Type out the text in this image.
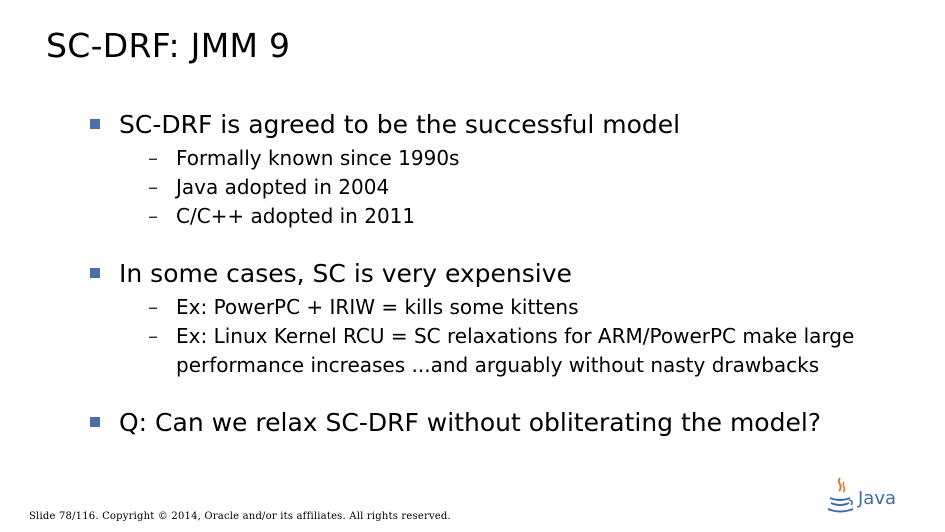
SC-DRF: JMM 9
SC-DRF is agreed to be the successful model
– Formally known since 1990s
– Java adopted in 2004
– C/C++ adopted in 2011
In some cases, SC is very expensive
– Ex: PowerPC + IRIW = kills some kittens
– Ex: Linux Kernel RCU = SC relaxations for ARM/PowerPC make large performance increases ...and arguably without nasty drawbacks
Q: Can we relax SC-DRF without obliterating the model?
Slide 78/116. Copyright © 2014, Oracle and/or its affiliates. All rights reserved.
Java
